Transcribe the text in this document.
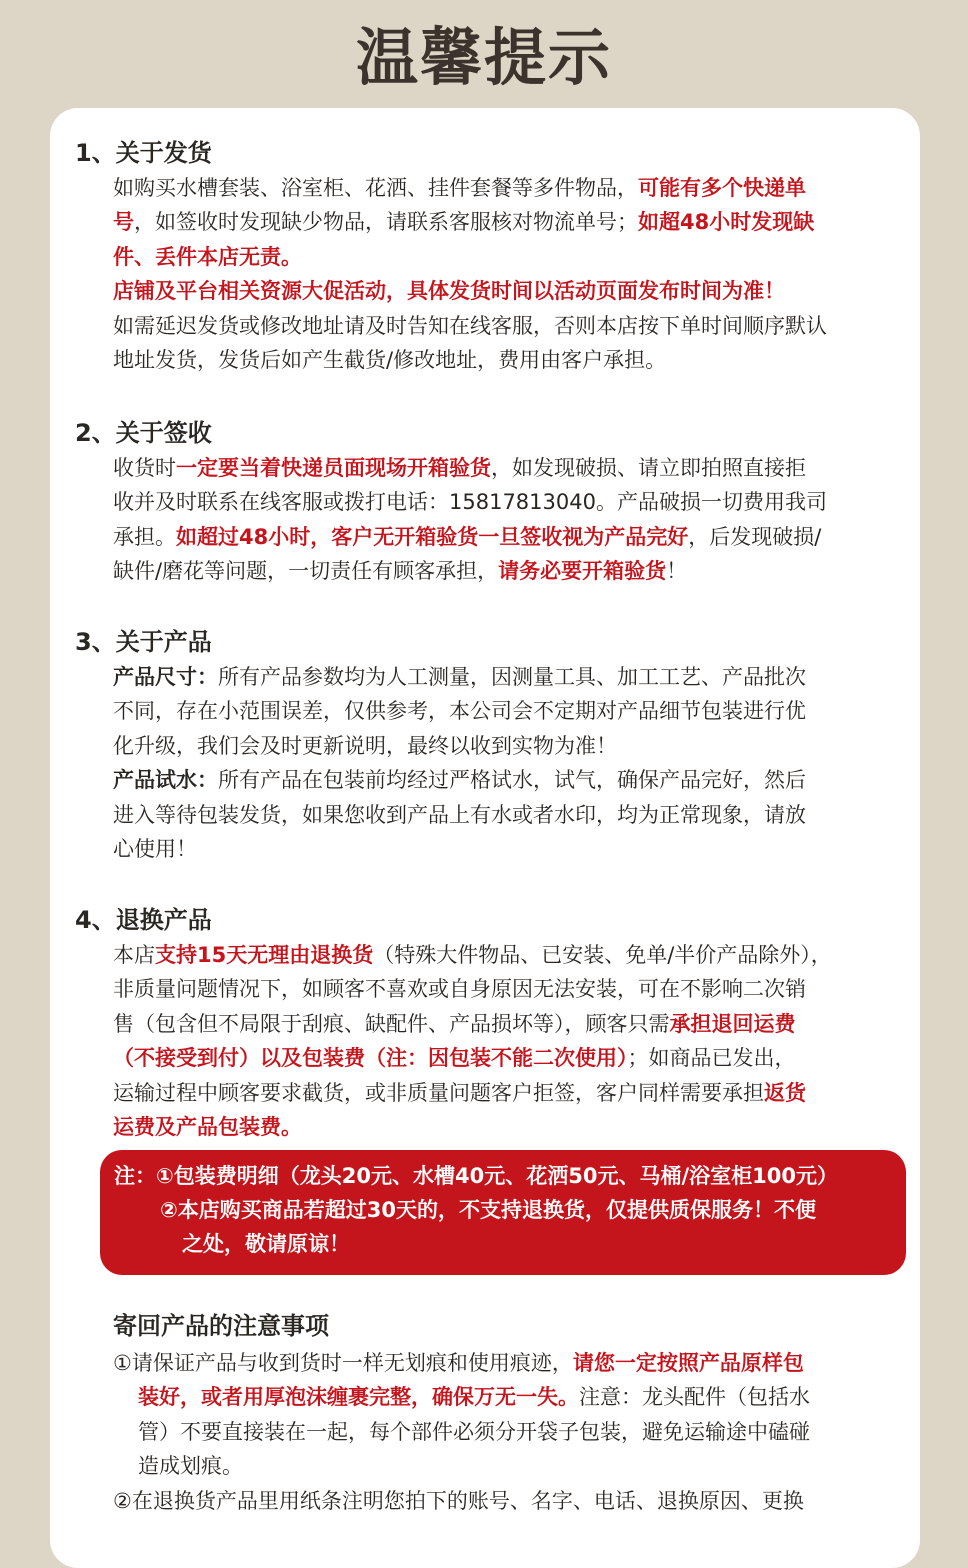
温馨提示
1、关于发货
如购买水槽套装、浴室柜、花洒、挂件套餐等多件物品，可能有多个快递单
号，如签收时发现缺少物品，请联系客服核对物流单号；如超48小时发现缺
件、丢件本店无责。
店铺及平台相关资源大促活动，具体发货时间以活动页面发布时间为准！
如需延迟发货或修改地址请及时告知在线客服，否则本店按下单时间顺序默认
地址发货，发货后如产生截货/修改地址，费用由客户承担。
2、关于签收
收货时一定要当着快递员面现场开箱验货，如发现破损、请立即拍照直接拒
收并及时联系在线客服或拨打电话：15817813040。产品破损一切费用我司
承担。如超过48小时，客户无开箱验货一旦签收视为产品完好，后发现破损/
缺件/磨花等问题，一切责任有顾客承担，请务必要开箱验货！
3、关于产品
产品尺寸：所有产品参数均为人工测量，因测量工具、加工工艺、产品批次
不同，存在小范围误差，仅供参考，本公司会不定期对产品细节包装进行优
化升级，我们会及时更新说明，最终以收到实物为准！
产品试水：所有产品在包装前均经过严格试水，试气，确保产品完好，然后
进入等待包装发货，如果您收到产品上有水或者水印，均为正常现象，请放
心使用！
4、退换产品
本店支持15天无理由退换货（特殊大件物品、已安装、免单/半价产品除外），
非质量问题情况下，如顾客不喜欢或自身原因无法安装，可在不影响二次销
售（包含但不局限于刮痕、缺配件、产品损坏等），顾客只需承担退回运费
（不接受到付）以及包装费（注：因包装不能二次使用）；如商品已发出，
运输过程中顾客要求截货，或非质量问题客户拒签，客户同样需要承担返货
运费及产品包装费。
注：①包装费明细（龙头20元、水槽40元、花洒50元、马桶/浴室柜100元）
②本店购买商品若超过30天的，不支持退换货，仅提供质保服务！不便
之处，敬请原谅！
寄回产品的注意事项
①请保证产品与收到货时一样无划痕和使用痕迹，请您一定按照产品原样包
装好，或者用厚泡沫缠裹完整，确保万无一失。注意：龙头配件（包括水
管）不要直接装在一起，每个部件必须分开袋子包装，避免运输途中磕碰
造成划痕。
②在退换货产品里用纸条注明您拍下的账号、名字、电话、退换原因、更换
